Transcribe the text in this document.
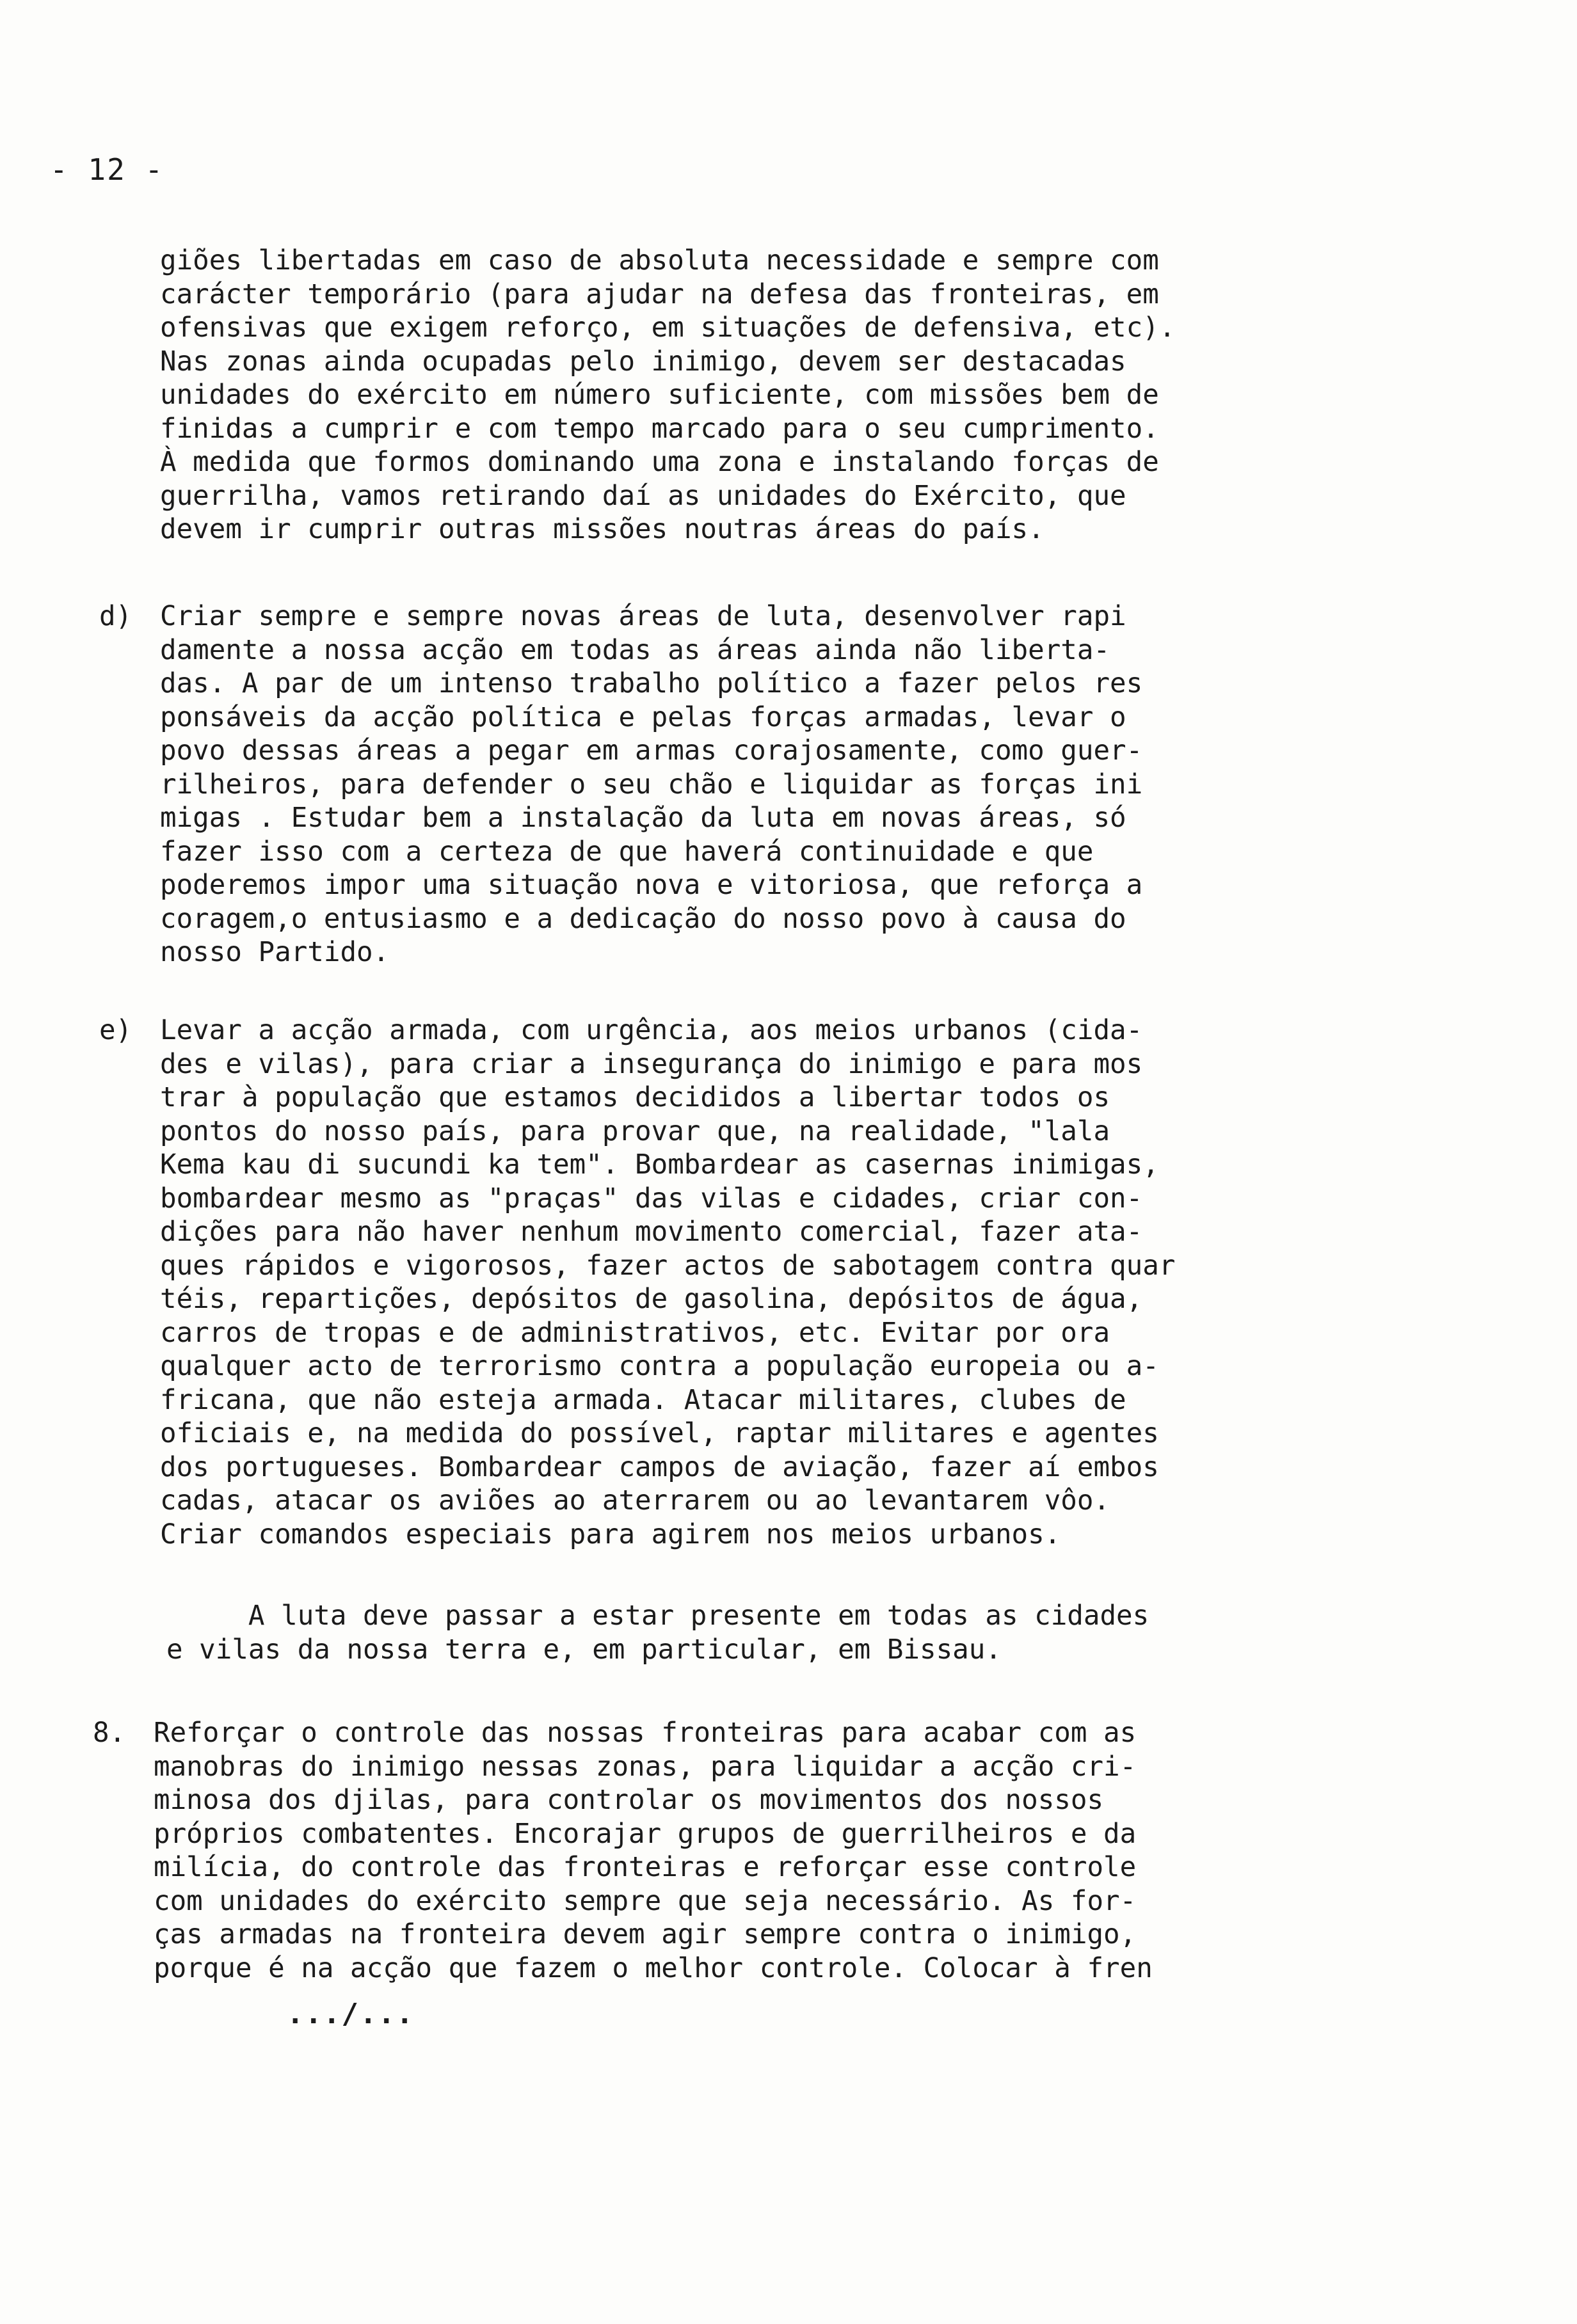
- 12 -
giões libertadas em caso de absoluta necessidade e sempre com
carácter temporário (para ajudar na defesa das fronteiras, em
ofensivas que exigem reforço, em situações de defensiva, etc).
Nas zonas ainda ocupadas pelo inimigo, devem ser destacadas
unidades do exército em número suficiente, com missões bem de
finidas a cumprir e com tempo marcado para o seu cumprimento.
À medida que formos dominando uma zona e instalando forças de
guerrilha, vamos retirando daí as unidades do Exército, que
devem ir cumprir outras missões noutras áreas do país.
d) Criar sempre e sempre novas áreas de luta, desenvolver rapi
damente a nossa acção em todas as áreas ainda não liberta-
das. A par de um intenso trabalho político a fazer pelos res
ponsáveis da acção política e pelas forças armadas, levar o
povo dessas áreas a pegar em armas corajosamente, como guer-
rilheiros, para defender o seu chão e liquidar as forças ini
migas . Estudar bem a instalação da luta em novas áreas, só
fazer isso com a certeza de que haverá continuidade e que
poderemos impor uma situação nova e vitoriosa, que reforça a
coragem,o entusiasmo e a dedicação do nosso povo à causa do
nosso Partido.
e) Levar a acção armada, com urgência, aos meios urbanos (cida-
des e vilas), para criar a insegurança do inimigo e para mos
trar à população que estamos decididos a libertar todos os
pontos do nosso país, para provar que, na realidade, "lala
Kema kau di sucundi ka tem". Bombardear as casernas inimigas,
bombardear mesmo as "praças" das vilas e cidades, criar con-
dições para não haver nenhum movimento comercial, fazer ata-
ques rápidos e vigorosos, fazer actos de sabotagem contra quar
téis, repartições, depósitos de gasolina, depósitos de água,
carros de tropas e de administrativos, etc. Evitar por ora
qualquer acto de terrorismo contra a população europeia ou a-
fricana, que não esteja armada. Atacar militares, clubes de
oficiais e, na medida do possível, raptar militares e agentes
dos portugueses. Bombardear campos de aviação, fazer aí embos
cadas, atacar os aviões ao aterrarem ou ao levantarem vôo.
Criar comandos especiais para agirem nos meios urbanos.
A luta deve passar a estar presente em todas as cidades
e vilas da nossa terra e, em particular, em Bissau.
8. Reforçar o controle das nossas fronteiras para acabar com as
manobras do inimigo nessas zonas, para liquidar a acção cri-
minosa dos djilas, para controlar os movimentos dos nossos
próprios combatentes. Encorajar grupos de guerrilheiros e da
milícia, do controle das fronteiras e reforçar esse controle
com unidades do exército sempre que seja necessário. As for-
ças armadas na fronteira devem agir sempre contra o inimigo,
porque é na acção que fazem o melhor controle. Colocar à fren
.../...
